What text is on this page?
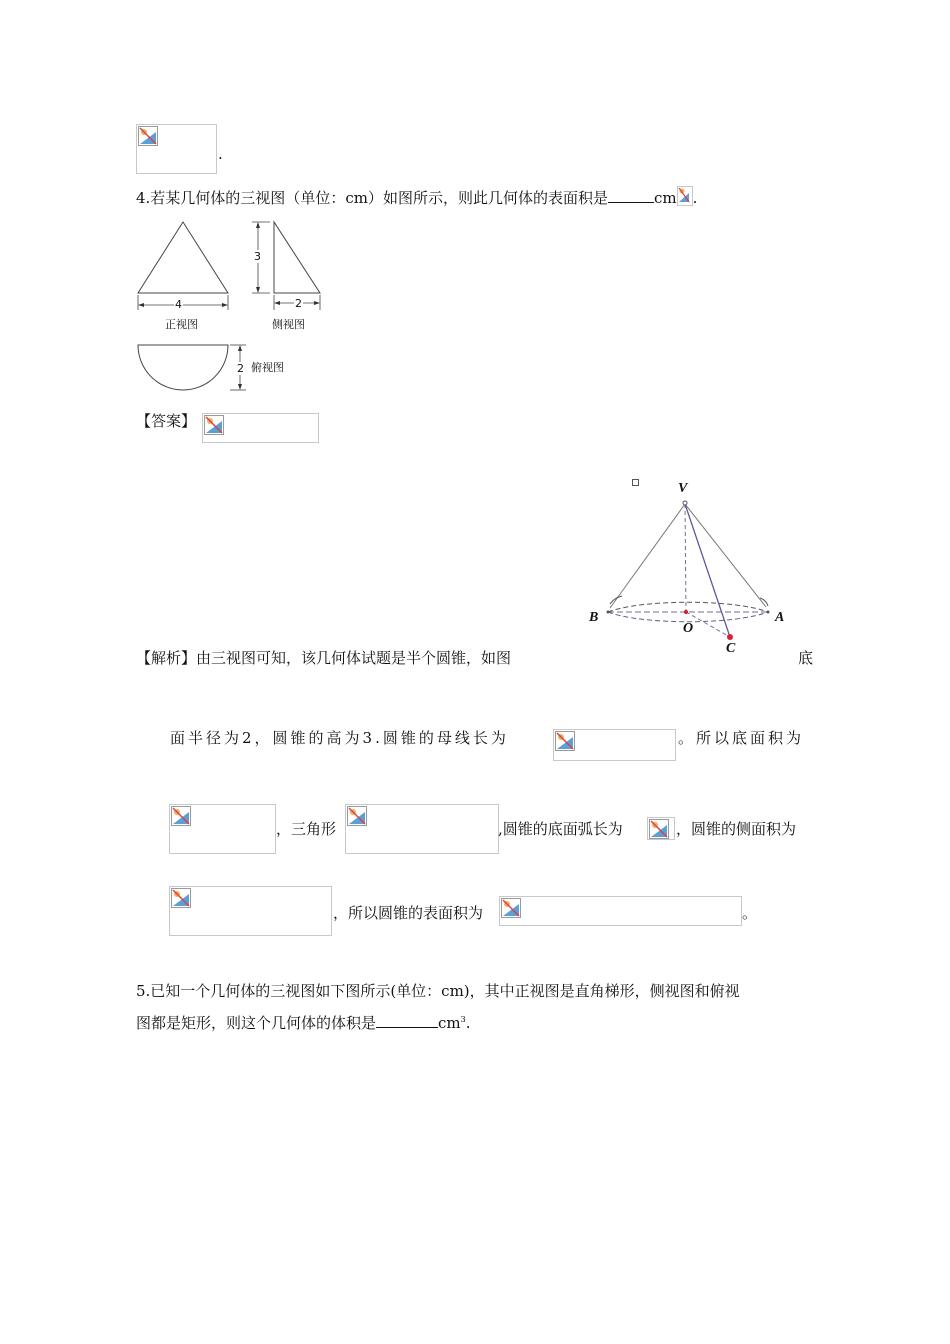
.
4.若某几何体的三视图（单位：cm）如图所示，则此几何体的表面积是	cm .
4
3
2
2
正视图	侧视图
俯视图
【答案】
V
B
O
A
C
【解析】由三视图可知，该几何体试题是半个圆锥，如图	底
面半径为2，圆锥的高为3.圆锥的母线长为	。所以底面积为
，三角形	,圆锥的底面弧长为	，圆锥的侧面积为
，所以圆锥的表面积为	。
5.已知一个几何体的三视图如下图所示(单位：cm)，其中正视图是直角梯形，侧视图和俯视
图都是矩形，则这个几何体的体积是	$cm^3$.
